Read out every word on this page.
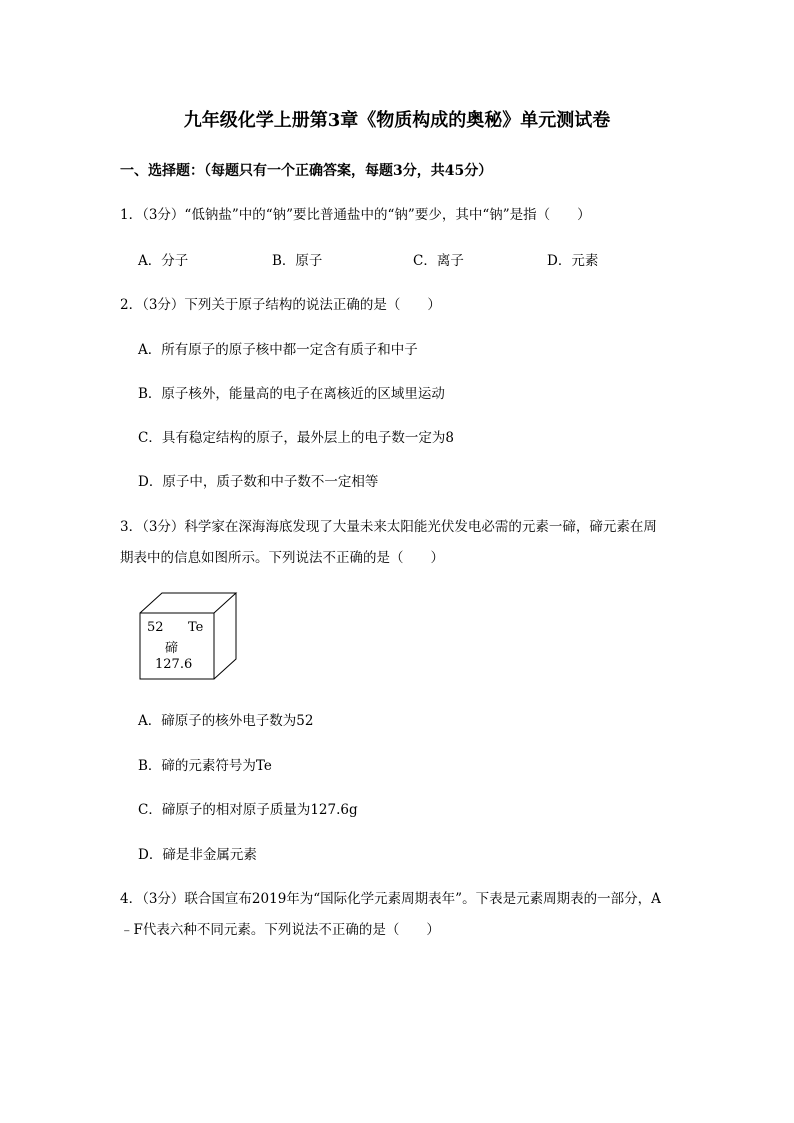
九年级化学上册第3章《物质构成的奥秘》单元测试卷
一、选择题：（每题只有一个正确答案，每题3分，共45分）
1．（3分）“低钠盐”中的“钠”要比普通盐中的“钠”要少，其中“钠”是指（　　）
A．分子	B．原子	C．离子	D．元素
2．（3分）下列关于原子结构的说法正确的是（　　）
A．所有原子的原子核中都一定含有质子和中子
B．原子核外，能量高的电子在离核近的区域里运动
C．具有稳定结构的原子，最外层上的电子数一定为8
D．原子中，质子数和中子数不一定相等
3．（3分）科学家在深海海底发现了大量未来太阳能光伏发电必需的元素一碲，碲元素在周
期表中的信息如图所示。下列说法不正确的是（　　）
52 Te
碲
127.6
A．碲原子的核外电子数为52
B．碲的元素符号为Te
C．碲原子的相对原子质量为127.6g
D．碲是非金属元素
4．（3分）联合国宣布2019年为“国际化学元素周期表年”。下表是元素周期表的一部分，A
﹣F代表六种不同元素。下列说法不正确的是（　　）
